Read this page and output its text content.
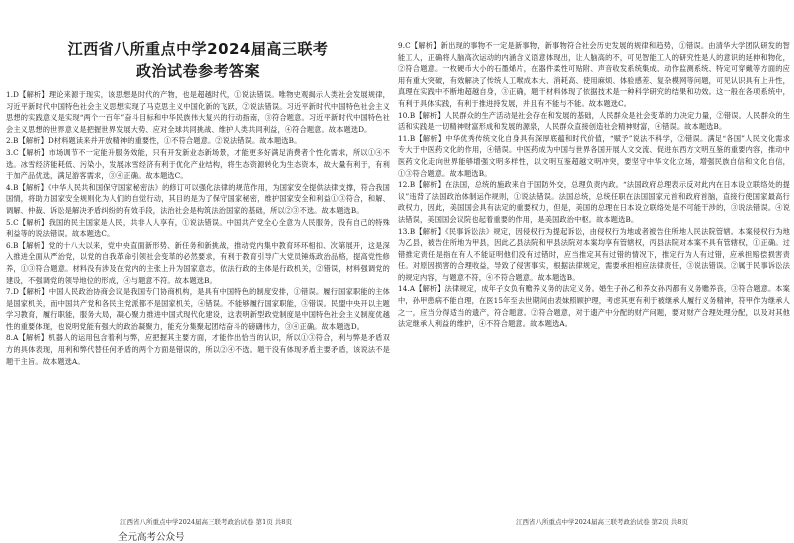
江西省八所重点中学2024届高三联考
政治试卷参考答案

1.D【解析】理论来源于现实，该思想是时代的产物，也是超越时代，①说法错误。唯物史观揭示人类社会发展规律，习近平新时代中国特色社会主义思想实现了马克思主义中国化新的飞跃，②说法错误。习近平新时代中国特色社会主义思想的实践意义是实现“两个一百年”奋斗目标和中华民族伟大复兴的行动指南，③符合题意。习近平新时代中国特色社会主义思想的世界意义是把握世界发展大势、应对全球共同挑战、维护人类共同利益，④符合题意。故本题选D。

2.B【解析】D材料题读来并开放精神的重要性，①不符合题意。②说法错误。故本题选B。

3.C【解析】市场调节不一定能升服务效能，只有开发新业态新场景，才能更多好满足消费者个性化需求，所以①④不选。冰雪经济能耗低、污染小，发展冰雪经济有利于优化产业结构，将生态资源转化为生态资本，故大量有利于，有利于加产品优选，满足游客需求，③④正确。故本题选C。

4.B【解析】《中华人民共和国保守国家秘密法》的修订可以强化法律的规范作用，为国家安全提供法律支撑，符合我国国情，将助力国家安全规则化为人们的自觉行动，其目的是为了保守国家秘密，维护国家安全和利益①③符合，和解、调解、仲裁、诉讼是解决矛盾纠纷的有效手段，法治社会是构筑法治国家的基础，所以②③不选。故本题选B。

5.C【解析】我国的民主国家是人民，共非人人享有，①说法错误。中国共产党全心全意为人民服务，没有自己的特殊利益等的说法错误。故本题选C。

6.B【解析】党的十八大以来，党中央直面新形势、新任务和新挑战，推动党内集中教育环环相扣、次第展开，这是深入推进全面从严治党，以党的自我革命引领社会变革的必然要求，有利于教育引导广大党员锤炼政治品格，提高党性修养，①③符合题意。材料没有涉及在党内的主张上升为国家意志，依法行政的主体是行政机关，②错误，材料强调党的建设，不强调党的领导地位的形成，④与题意不符。故本题选B。

7.D【解析】中国人民政治协商会议是我国专门协商机构，是具有中国特色的制度安排，①错误。履行国家职能的主体是国家机关，而中国共产党和各民主党派都不是国家机关，④错误。不能够履行国家职能，③错误。民盟中央开以主题学习教育，履行职能，服务大局，凝心聚力推进中国式现代化建设，这表明新型政党制度是中国特色社会主义制度优越性的重要体现，也说明党能有强大的政治凝聚力，能充分集聚起团结奋斗的磅礴伟力，③④正确。故本题选D。

8.A【解析】机器人的运用包含着利与弊，应把握其主要方面，才能作出恰当的认识，所以①③符合，利与弊是矛盾双方的具体表现，用利和弊代替任何矛盾的两个方面是错误的，所以②④不选。题干没有体现矛盾主要矛盾，该说法不是题干主旨。故本题选A。

9.C【解析】新出现的事物不一定是新事物，新事物符合社会历史发展的规律和趋势，①错误。由清华大学团队研发的智能工人，正确将人脑高次运动的内涵含义语意体现出，让人脑高的不，可见智能工人的研究性是人的意识的延伸和物化，②符合题意。一枚硬币大小的石墨烯片，在器件柔性可贴附、声音收发系统集成、动作监测系统、特定可穿戴等方面的应用有重大突破，有效解决了传统人工喉成本大、消耗高、使用麻烦、体验感差、复杂模网等问题，可见认识具有上升性，真理在实践中不断地超越自身，③正确，题干材料体现了依据技术是一种科学研究的结果和功效。这一般在各项系统中，有利于具体实践，有利于推进持发展，并且有不能与不能。故本题选C。

10.B【解析】人民群众的生产活动是社会存在和发展的基础，人民群众是社会变革的力决定力量，②错误。人民群众的生活和实践是一切精神财富形成和发展的源泉，人民群众直接创造社会精神财富，④错误。故本题选B。

11.B【解析】中华优秀传统文化自身具有深厚底蕴和时代价值，“赋予”说法不科学，②错误。满足“各国”人民文化需求专大于中医药文化的作用，④错误。中医药成为中国与世界各国开展人文交流、促进东西方文明互鉴的重要内容，推动中医药文化走向世界能够增强文明多样性，以文明互鉴超越文明冲突，要坚守中华文化立场，增强民族自信和文化自信，①③符合题意。故本题选B。

12.B【解析】在法国，总统的施政来自于国防外交，总理负责内政。“法国政府总理表示反对此内在日本设立联络处的提议”违背了法国政治体制运作规则，①说法错误。法国总统，总统任职在法国国家元首和政府首脑，直接行使国家最高行政权力，因此，美国国会具有法定的重要权力，但是，美国的总理在日本设立联络处是不可能干涉的，③说法错误。④说法错误，美国国会议院也起着重要的作用，是美国政治中枢。故本题选B。

13.B【解析】《民事诉讼法》规定，因侵权行为提起诉讼，由侵权行为地或者被告住所地人民法院管辖。本案侵权行为地为乙县，被告住所地为甲县，因此乙县法院和甲县法院对本案均享有管辖权，丙县法院对本案不具有管辖权，①正确。过错推定责任是指在有人不能证明他们没有过错时，应当推定其有过错的情况下，推定行为人有过错，应承担赔偿损害责任。对原因损害的合理收益，导致了侵害事实，根据法律规定，需要承担相应法律责任，③说法错误。②属于民事诉讼法的规定内容，与题意不符，④不符合题意。故本题选B。

14.A【解析】法律规定，成年子女负有赡养义务的法定义务。婚生子孙乙和养女孙丙都有义务赡养丧，③符合题意。本案中，孙甲患病不能自理，在医15年至去世期间由表妹照顾护理，考虑其更有利于被继承人履行义务精神，符甲作为继承人之一，应当分得适当的遗产，符合题意。②符合题意，对于遗产中分配的财产问题，要对财产合理处理分配，以及对其他法定继承人利益的维护，④不符合题意。故本题选A。

江西省八所重点中学2024届高三联考政治试卷 第1页 共8页	江西省八所重点中学2024届高三联考政治试卷 第2页 共8页
全元高考公众号
